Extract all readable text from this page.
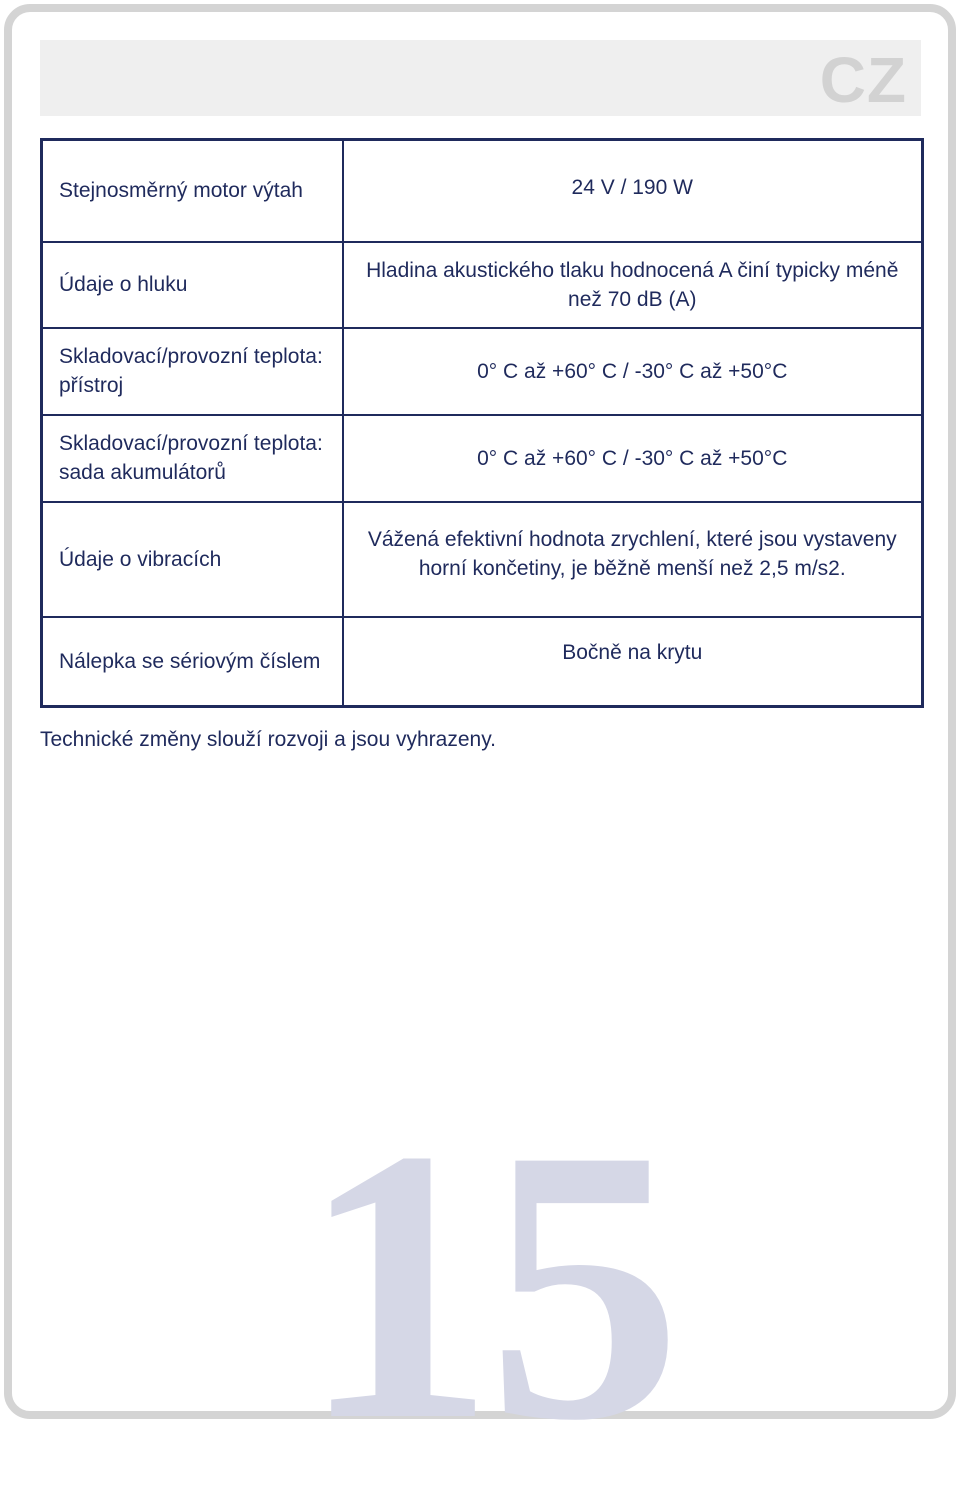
CZ
Stejnosměrný motor výtah	24 V / 190 W
Údaje o hluku	Hladina akustického tlaku hodnocená A činí typicky méně než 70 dB (A)
Skladovací/provozní teplota: přístroj	0° C až +60° C / -30° C až +50°C
Skladovací/provozní teplota: sada akumulátorů	0° C až +60° C / -30° C až +50°C
Údaje o vibracích	Vážená efektivní hodnota zrychlení, které jsou vystaveny horní končetiny, je běžně menší než 2,5 m/s2.
Nálepka se sériovým číslem	Bočně na krytu
Technické změny slouží rozvoji a jsou vyhrazeny.
15
